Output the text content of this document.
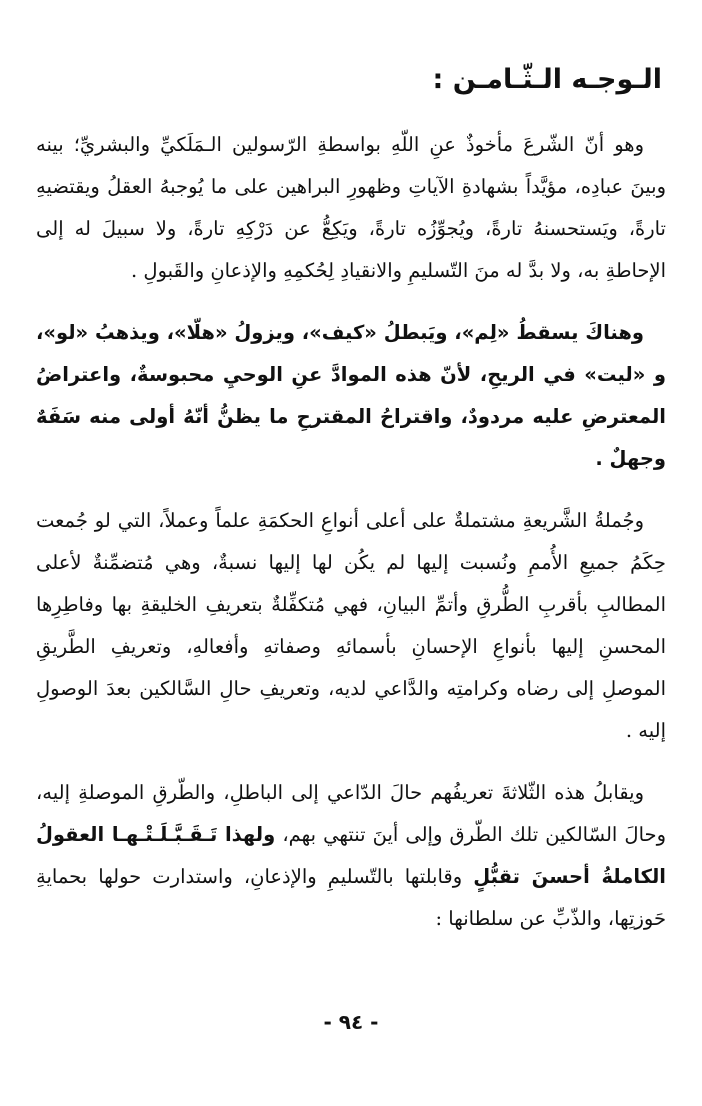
الـوجـه الـثّـامـن :

وهو أنّ الشّرعَ مأخوذٌ عنِ اللّهِ بواسطةِ الرّسولين الـمَلَكيِّ والبشريِّ؛ بينه وبينَ عبادِه، مؤيَّداً بشهادةِ الآياتِ وظهورِ البراهين على ما يُوجبهُ العقلُ ويقتضيهِ تارةً، ويَستحسنهُ تارةً، ويُجوِّزُه تارةً، ويَكِعُّ عن دَرْكِهِ تارةً، ولا سبيلَ له إلى الإحاطةِ به، ولا بدَّ له منَ التّسليمِ والانقيادِ لِحُكمِهِ والإذعانِ والقَبولِ .

وهناكَ يسقطُ «لِم»، ويَبطلُ «كيف»، ويزولُ «هلّا»، ويذهبُ «لو»، و «ليت» في الريحِ، لأنّ هذه الموادَّ عنِ الوحيِ محبوسةٌ، واعتراضُ المعترضِ عليه مردودٌ، واقتراحُ المقترحِ ما يظنُّ أنّهُ أولى منه سَفَهٌ وجهلٌ .

وجُملةُ الشَّريعةِ مشتملةٌ على أعلى أنواعِ الحكمَةِ علماً وعملاً، التي لو جُمعت حِكَمُ جميعِ الأُممِ ونُسبت إليها لم يكُن لها إليها نسبةٌ، وهي مُتضمِّنةٌ لأعلى المطالبِ بأقربِ الطُّرقِ وأتمِّ البيانِ، فهي مُتكفِّلةٌ بتعريفِ الخليقةِ بها وفاطِرِها المحسنِ إليها بأنواعِ الإحسانِ بأسمائهِ وصفاتهِ وأفعالهِ، وتعريفِ الطَّريقِ الموصلِ إلى رضاه وكرامتِه والدَّاعي لديه، وتعريفِ حالِ السَّالكين بعدَ الوصولِ إليه .

ويقابلُ هذه الثّلاثةَ تعريفُهم حالَ الدّاعي إلى الباطلِ، والطّرقِ الموصلةِ إليه، وحالَ السّالكين تلك الطّرق وإلى أينَ تنتهي بهم، ولهذا تَـقَـبَّـلَـتْـهـا العقولُ الكاملةُ أحسنَ تقبُّلٍ وقابلتها بالتّسليمِ والإذعانِ، واستدارت حولها بحمايةِ حَوزتِها، والذّبِّ عن سلطانها :

- ٩٤ -
